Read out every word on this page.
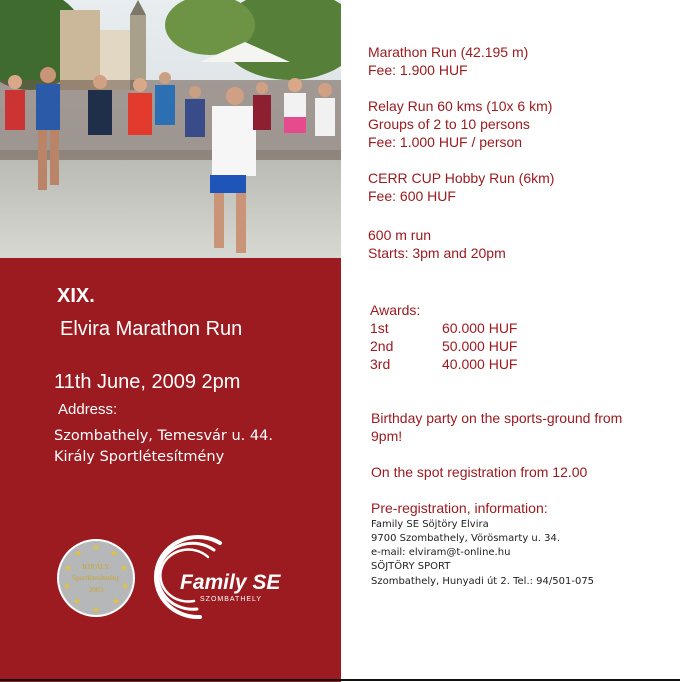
XIX.
Elvira Marathon Run
11th June, 2009 2pm
Address:
Szombathely, Temesvár u. 44.
Király Sportlétesítmény
★
★
★
★
★
★
★
★
★
★
KIRÁLY
Sportlétesítmény
2003	Family SE
SZOMBATHELY
Marathon Run (42.195 m)
Fee: 1.900 HUF
Relay Run 60 kms (10x 6 km)
Groups of 2 to 10 persons
Fee: 1.000 HUF / person
CERR CUP Hobby Run (6km)
Fee: 600 HUF
600 m run
Starts: 3pm and 20pm
Awards:
1st	60.000 HUF
2nd	50.000 HUF
3rd	40.000 HUF
Birthday party on the sports-ground from
9pm!
On the spot registration from 12.00
Pre-registration, information:
Family SE Söjtöry Elvira
9700 Szombathely, Vörösmarty u. 34.
e-mail: elviram@t-online.hu
SÖJTÖRY SPORT
Szombathely, Hunyadi út 2. Tel.: 94/501-075
